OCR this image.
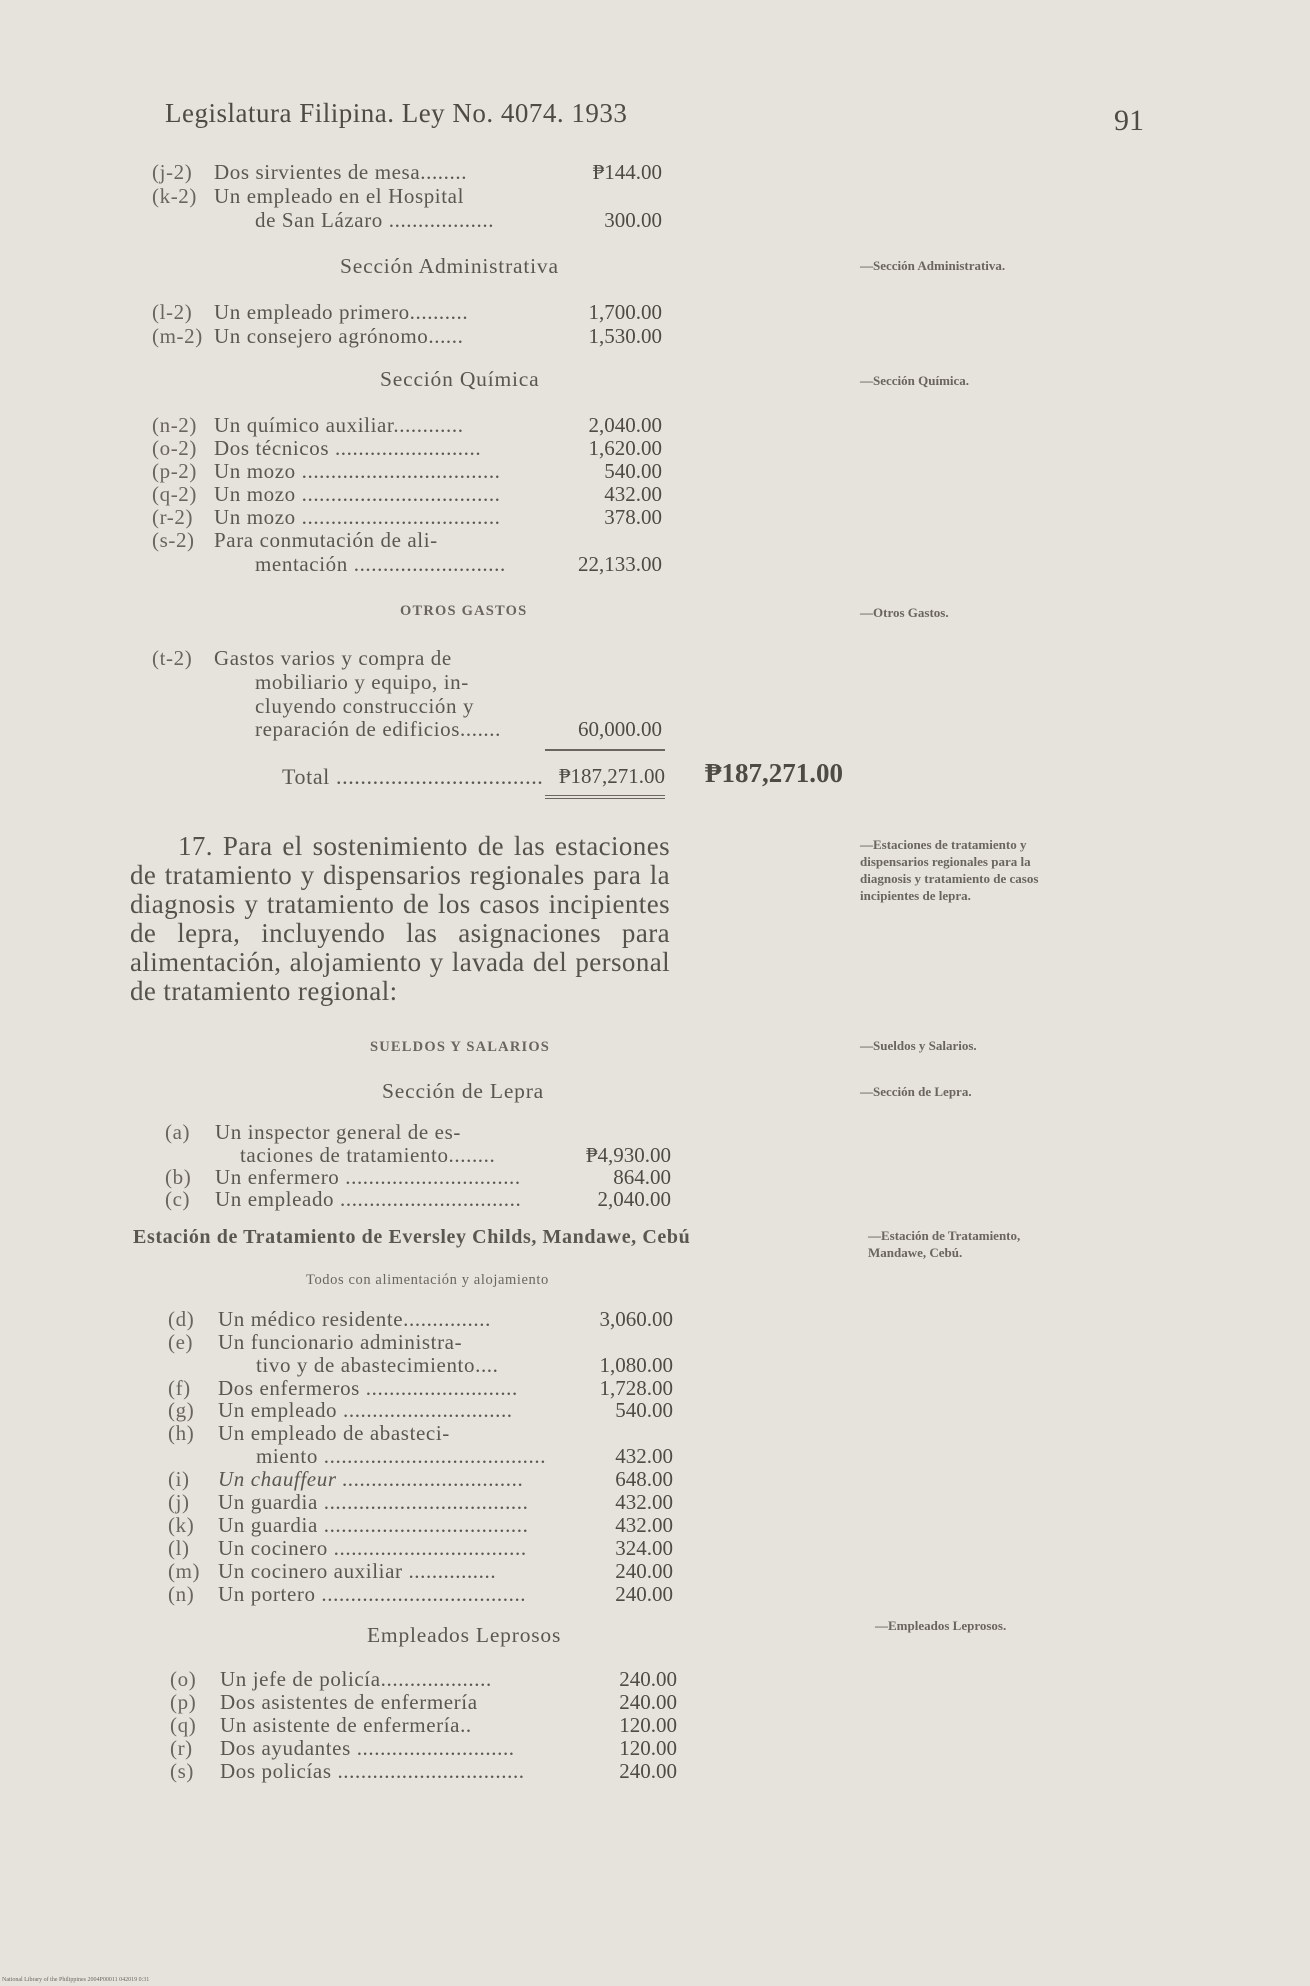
Legislatura Filipina. Ley No. 4074. 1933	91
(j-2) Dos sirvientes de mesa........	₱144.00
(k-2) Un empleado en el Hospital
de San Lázaro ..................	300.00
Sección Administrativa	—Sección Administrativa.
(l-2) Un empleado primero..........	1,700.00
(m-2) Un consejero agrónomo......	1,530.00
Sección Química	—Sección Química.
(n-2) Un químico auxiliar............	2,040.00
(o-2) Dos técnicos .........................	1,620.00
(p-2) Un mozo ..................................	540.00
(q-2) Un mozo ..................................	432.00
(r-2) Un mozo ..................................	378.00
(s-2) Para conmutación de ali-
mentación ..........................	22,133.00
OTROS GASTOS	—Otros Gastos.
(t-2) Gastos varios y compra de
mobiliario y equipo, in-
cluyendo construcción y
reparación de edificios.......	60,000.00
Total .................................. ₱187,271.00 ₱187,271.00
17. Para el sostenimiento de las estaciones de tratamiento y dispensarios regionales para la diagnosis y tratamiento de los casos incipientes de lepra, incluyendo las asignaciones para alimentación, alojamiento y lavada del personal de tratamiento regional:
—Estaciones de tratamiento y dispensarios regionales para la diagnosis y tratamiento de casos incipientes de lepra.
SUELDOS Y SALARIOS	—Sueldos y Salarios.
Sección de Lepra	—Sección de Lepra.
(a) Un inspector general de es-
taciones de tratamiento........	₱4,930.00
(b) Un enfermero ..............................	864.00
(c) Un empleado ...............................	2,040.00
Estación de Tratamiento de Eversley Childs, Mandawe, Cebú	—Estación de Tratamiento, Mandawe, Cebú.
Todos con alimentación y alojamiento
(d) Un médico residente...............	3,060.00
(e) Un funcionario administra-
tivo y de abastecimiento....	1,080.00
(f) Dos enfermeros ..........................	1,728.00
(g) Un empleado .............................	540.00
(h) Un empleado de abasteci-
miento ......................................	432.00
(i) Un chauffeur ...............................	648.00
(j) Un guardia ...................................	432.00
(k) Un guardia ...................................	432.00
(l) Un cocinero .................................	324.00
(m) Un cocinero auxiliar ...............	240.00
(n) Un portero ...................................	240.00
Empleados Leprosos	—Empleados Leprosos.
(o) Un jefe de policía...................	240.00
(p) Dos asistentes de enfermería	240.00
(q) Un asistente de enfermería..	120.00
(r) Dos ayudantes ...........................	120.00
(s) Dos policías ................................	240.00
National Library of the Philippines 2004P00011 042019 0:31
